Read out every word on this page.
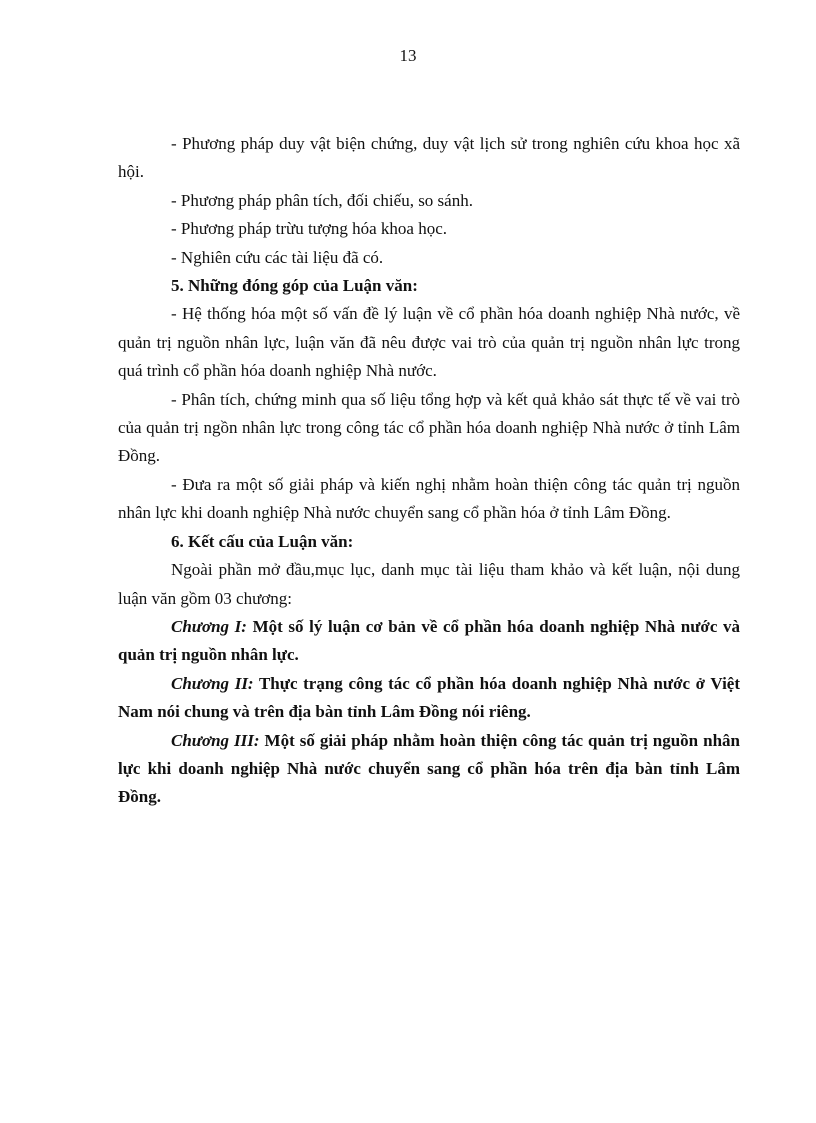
13

- Phương pháp duy vật biện chứng, duy vật lịch sử trong nghiên cứu khoa học xã hội.

- Phương pháp phân tích, đối chiếu, so sánh.

- Phương pháp trừu tượng hóa khoa học.

- Nghiên cứu các tài liệu đã có.

5. Những đóng góp của Luận văn:

- Hệ thống hóa một số vấn đề lý luận về cổ phần hóa doanh nghiệp Nhà nước, về quản trị nguồn nhân lực, luận văn đã nêu được vai trò của quản trị nguồn nhân lực trong quá trình cổ phần hóa doanh nghiệp Nhà nước.

- Phân tích, chứng minh qua số liệu tổng hợp và kết quả khảo sát thực tế về vai trò của quản trị ngồn nhân lực trong công tác cổ phần hóa doanh nghiệp Nhà nước ở tỉnh Lâm Đồng.

- Đưa ra một số giải pháp và kiến nghị nhằm hoàn thiện công tác quản trị nguồn nhân lực khi doanh nghiệp Nhà nước chuyển sang cổ phần hóa ở tỉnh Lâm Đồng.

6. Kết cấu của Luận văn:

Ngoài phần mở đầu,mục lục, danh mục tài liệu tham khảo và kết luận, nội dung luận văn gồm 03 chương:

Chương I: Một số lý luận cơ bản về cổ phần hóa doanh nghiệp Nhà nước và quản trị nguồn nhân lực.

Chương II: Thực trạng công tác cổ phần hóa doanh nghiệp Nhà nước ở Việt Nam nói chung và trên địa bàn tỉnh Lâm Đồng nói riêng.

Chương III: Một số giải pháp nhằm hoàn thiện công tác quản trị nguồn nhân lực khi doanh nghiệp Nhà nước chuyển sang cổ phần hóa trên địa bàn tỉnh Lâm Đồng.
